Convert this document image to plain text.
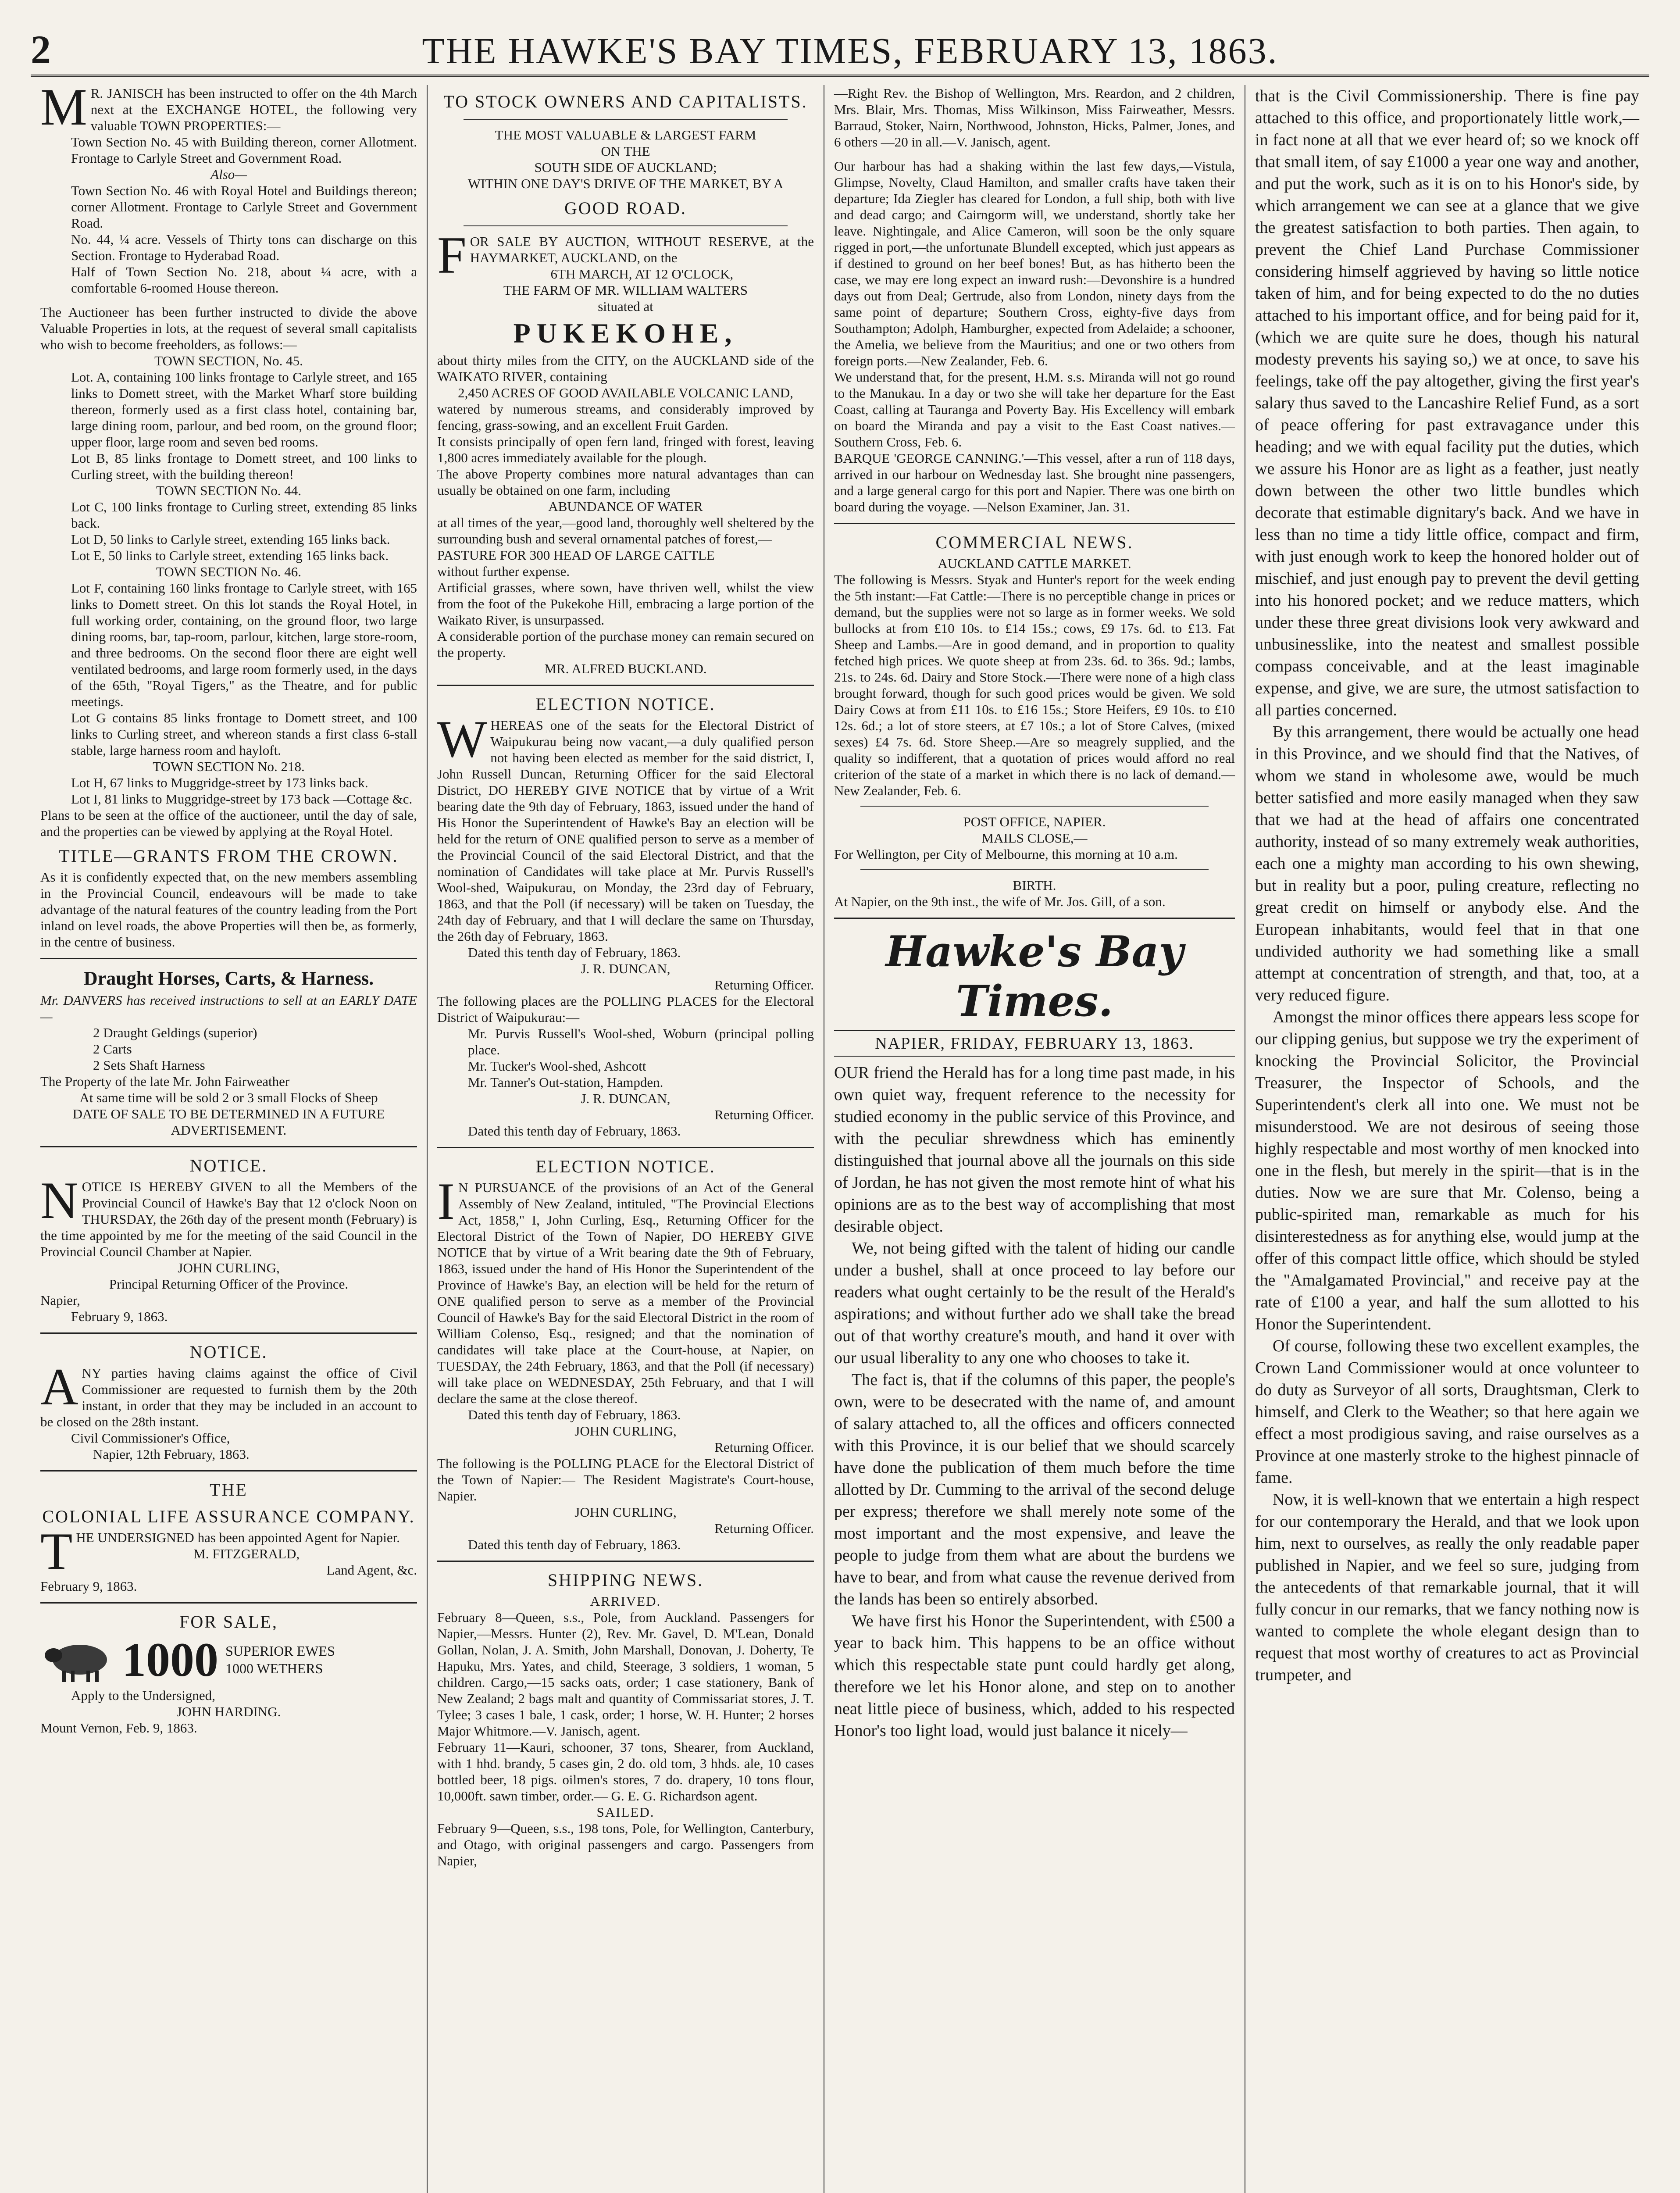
2	THE HAWKE'S BAY TIMES, FEBRUARY 13, 1863.

MR. JANISCH has been instructed to offer on the 4th March next at the EXCHANGE HOTEL, the following very valuable TOWN PROPERTIES:—

Town Section No. 45 with Building thereon, corner Allotment. Frontage to Carlyle Street and Government Road.

Also—

Town Section No. 46 with Royal Hotel and Buildings thereon; corner Allotment. Frontage to Carlyle Street and Government Road.

No. 44, ¼ acre. Vessels of Thirty tons can discharge on this Section. Frontage to Hyderabad Road.

Half of Town Section No. 218, about ¼ acre, with a comfortable 6-roomed House thereon.

The Auctioneer has been further instructed to divide the above Valuable Properties in lots, at the request of several small capitalists who wish to become freeholders, as follows:—

TOWN SECTION, No. 45.

Lot. A, containing 100 links frontage to Carlyle street, and 165 links to Domett street, with the Market Wharf store building thereon, formerly used as a first class hotel, containing bar, large dining room, parlour, and bed room, on the ground floor; upper floor, large room and seven bed rooms.

Lot B, 85 links frontage to Domett street, and 100 links to Curling street, with the building thereon!

TOWN SECTION No. 44.

Lot C, 100 links frontage to Curling street, extending 85 links back.

Lot D, 50 links to Carlyle street, extending 165 links back.

Lot E, 50 links to Carlyle street, extending 165 links back.

TOWN SECTION No. 46.

Lot F, containing 160 links frontage to Carlyle street, with 165 links to Domett street. On this lot stands the Royal Hotel, in full working order, containing, on the ground floor, two large dining rooms, bar, tap-room, parlour, kitchen, large store-room, and three bedrooms. On the second floor there are eight well ventilated bedrooms, and large room formerly used, in the days of the 65th, "Royal Tigers," as the Theatre, and for public meetings.

Lot G contains 85 links frontage to Domett street, and 100 links to Curling street, and whereon stands a first class 6-stall stable, large harness room and hayloft.

TOWN SECTION No. 218.

Lot H, 67 links to Muggridge-street by 173 links back.

Lot I, 81 links to Muggridge-street by 173 back —Cottage &c.

Plans to be seen at the office of the auctioneer, until the day of sale, and the properties can be viewed by applying at the Royal Hotel.

TITLE—GRANTS FROM THE CROWN.

As it is confidently expected that, on the new members assembling in the Provincial Council, endeavours will be made to take advantage of the natural features of the country leading from the Port inland on level roads, the above Properties will then be, as formerly, in the centre of business.

Draught Horses, Carts, & Harness.

Mr. DANVERS has received instructions to sell at an EARLY DATE—

2 Draught Geldings (superior)

2 Carts

2 Sets Shaft Harness

The Property of the late Mr. John Fairweather

At same time will be sold 2 or 3 small Flocks of Sheep

DATE OF SALE TO BE DETERMINED IN A FUTURE ADVERTISEMENT.

NOTICE.

NOTICE IS HEREBY GIVEN to all the Members of the Provincial Council of Hawke's Bay that 12 o'clock Noon on THURSDAY, the 26th day of the present month (February) is the time appointed by me for the meeting of the said Council in the Provincial Council Chamber at Napier.

JOHN CURLING,

Principal Returning Officer of the Province.

Napier,

February 9, 1863.

NOTICE.

ANY parties having claims against the office of Civil Commissioner are requested to furnish them by the 20th instant, in order that they may be included in an account to be closed on the 28th instant.

Civil Commissioner's Office,

Napier, 12th February, 1863.

THE
COLONIAL LIFE ASSURANCE COMPANY.

THE UNDERSIGNED has been appointed Agent for Napier.

M. FITZGERALD,

Land Agent, &c.

February 9, 1863.

FOR SALE,
1000 SUPERIOR EWES
1000 WETHERS

Apply to the Undersigned,

JOHN HARDING.

Mount Vernon, Feb. 9, 1863.

TO STOCK OWNERS AND CAPITALISTS.

THE MOST VALUABLE & LARGEST FARM

ON THE

SOUTH SIDE OF AUCKLAND;

WITHIN ONE DAY'S DRIVE OF THE MARKET, BY A

GOOD ROAD.

FOR SALE BY AUCTION, WITHOUT RESERVE, at the HAYMARKET, AUCKLAND, on the

6TH MARCH, AT 12 O'CLOCK,

THE FARM OF MR. WILLIAM WALTERS

situated at

PUKEKOHE,

about thirty miles from the CITY, on the AUCKLAND side of the WAIKATO RIVER, containing

2,450 ACRES OF GOOD AVAILABLE VOLCANIC LAND,

watered by numerous streams, and considerably improved by fencing, grass-sowing, and an excellent Fruit Garden.

It consists principally of open fern land, fringed with forest, leaving 1,800 acres immediately available for the plough.

The above Property combines more natural advantages than can usually be obtained on one farm, including

ABUNDANCE OF WATER

at all times of the year,—good land, thoroughly well sheltered by the surrounding bush and several ornamental patches of forest,—

PASTURE FOR 300 HEAD OF LARGE CATTLE

without further expense.

Artificial grasses, where sown, have thriven well, whilst the view from the foot of the Pukekohe Hill, embracing a large portion of the Waikato River, is unsurpassed.

A considerable portion of the purchase money can remain secured on the property.

MR. ALFRED BUCKLAND.

ELECTION NOTICE.

WHEREAS one of the seats for the Electoral District of Waipukurau being now vacant,—a duly qualified person not having been elected as member for the said district, I, John Russell Duncan, Returning Officer for the said Electoral District, DO HEREBY GIVE NOTICE that by virtue of a Writ bearing date the 9th day of February, 1863, issued under the hand of His Honor the Superintendent of Hawke's Bay an election will be held for the return of ONE qualified person to serve as a member of the Provincial Council of the said Electoral District, and that the nomination of Candidates will take place at Mr. Purvis Russell's Wool-shed, Waipukurau, on Monday, the 23rd day of February, 1863, and that the Poll (if necessary) will be taken on Tuesday, the 24th day of February, and that I will declare the same on Thursday, the 26th day of February, 1863.

Dated this tenth day of February, 1863.

J. R. DUNCAN,

Returning Officer.

The following places are the POLLING PLACES for the Electoral District of Waipukurau:—

Mr. Purvis Russell's Wool-shed, Woburn (principal polling place.

Mr. Tucker's Wool-shed, Ashcott

Mr. Tanner's Out-station, Hampden.

J. R. DUNCAN,

Returning Officer.

Dated this tenth day of February, 1863.

ELECTION NOTICE.

IN PURSUANCE of the provisions of an Act of the General Assembly of New Zealand, intituled, "The Provincial Elections Act, 1858," I, John Curling, Esq., Returning Officer for the Electoral District of the Town of Napier, DO HEREBY GIVE NOTICE that by virtue of a Writ bearing date the 9th of February, 1863, issued under the hand of His Honor the Superintendent of the Province of Hawke's Bay, an election will be held for the return of ONE qualified person to serve as a member of the Provincial Council of Hawke's Bay for the said Electoral District in the room of William Colenso, Esq., resigned; and that the nomination of candidates will take place at the Court-house, at Napier, on TUESDAY, the 24th February, 1863, and that the Poll (if necessary) will take place on WEDNESDAY, 25th February, and that I will declare the same at the close thereof.

Dated this tenth day of February, 1863.

JOHN CURLING,

Returning Officer.

The following is the POLLING PLACE for the Electoral District of the Town of Napier:— The Resident Magistrate's Court-house, Napier.

JOHN CURLING,

Returning Officer.

Dated this tenth day of February, 1863.

SHIPPING NEWS.

ARRIVED.

February 8—Queen, s.s., Pole, from Auckland. Passengers for Napier,—Messrs. Hunter (2), Rev. Mr. Gavel, D. M'Lean, Donald Gollan, Nolan, J. A. Smith, John Marshall, Donovan, J. Doherty, Te Hapuku, Mrs. Yates, and child, Steerage, 3 soldiers, 1 woman, 5 children. Cargo,—15 sacks oats, order; 1 case stationery, Bank of New Zealand; 2 bags malt and quantity of Commissariat stores, J. T. Tylee; 3 cases 1 bale, 1 cask, order; 1 horse, W. H. Hunter; 2 horses Major Whitmore.—V. Janisch, agent.

February 11—Kauri, schooner, 37 tons, Shearer, from Auckland, with 1 hhd. brandy, 5 cases gin, 2 do. old tom, 3 hhds. ale, 10 cases bottled beer, 18 pigs. oilmen's stores, 7 do. drapery, 10 tons flour, 10,000ft. sawn timber, order.— G. E. G. Richardson agent.

SAILED.

February 9—Queen, s.s., 198 tons, Pole, for Wellington, Canterbury, and Otago, with original passengers and cargo. Passengers from Napier,

—Right Rev. the Bishop of Wellington, Mrs. Reardon, and 2 children, Mrs. Blair, Mrs. Thomas, Miss Wilkinson, Miss Fairweather, Messrs. Barraud, Stoker, Nairn, Northwood, Johnston, Hicks, Palmer, Jones, and 6 others —20 in all.—V. Janisch, agent.

Our harbour has had a shaking within the last few days,—Vistula, Glimpse, Novelty, Claud Hamilton, and smaller crafts have taken their departure; Ida Ziegler has cleared for London, a full ship, both with live and dead cargo; and Cairngorm will, we understand, shortly take her leave. Nightingale, and Alice Cameron, will soon be the only square rigged in port,—the unfortunate Blundell excepted, which just appears as if destined to ground on her beef bones! But, as has hitherto been the case, we may ere long expect an inward rush:—Devonshire is a hundred days out from Deal; Gertrude, also from London, ninety days from the same point of departure; Southern Cross, eighty-five days from Southampton; Adolph, Hamburgher, expected from Adelaide; a schooner, the Amelia, we believe from the Mauritius; and one or two others from foreign ports.—New Zealander, Feb. 6.

We understand that, for the present, H.M. s.s. Miranda will not go round to the Manukau. In a day or two she will take her departure for the East Coast, calling at Tauranga and Poverty Bay. His Excellency will embark on board the Miranda and pay a visit to the East Coast natives.—Southern Cross, Feb. 6.

BARQUE 'GEORGE CANNING.'—This vessel, after a run of 118 days, arrived in our harbour on Wednesday last. She brought nine passengers, and a large general cargo for this port and Napier. There was one birth on board during the voyage. —Nelson Examiner, Jan. 31.

COMMERCIAL NEWS.

AUCKLAND CATTLE MARKET.

The following is Messrs. Styak and Hunter's report for the week ending the 5th instant:—Fat Cattle:—There is no perceptible change in prices or demand, but the supplies were not so large as in former weeks. We sold bullocks at from £10 10s. to £14 15s.; cows, £9 17s. 6d. to £13. Fat Sheep and Lambs.—Are in good demand, and in proportion to quality fetched high prices. We quote sheep at from 23s. 6d. to 36s. 9d.; lambs, 21s. to 24s. 6d. Dairy and Store Stock.—There were none of a high class brought forward, though for such good prices would be given. We sold Dairy Cows at from £11 10s. to £16 15s.; Store Heifers, £9 10s. to £10 12s. 6d.; a lot of store steers, at £7 10s.; a lot of Store Calves, (mixed sexes) £4 7s. 6d. Store Sheep.—Are so meagrely supplied, and the quality so indifferent, that a quotation of prices would afford no real criterion of the state of a market in which there is no lack of demand.—New Zealander, Feb. 6.

POST OFFICE, NAPIER.

MAILS CLOSE,—

For Wellington, per City of Melbourne, this morning at 10 a.m.

BIRTH.

At Napier, on the 9th inst., the wife of Mr. Jos. Gill, of a son.

Hawke's Bay Times.
NAPIER, FRIDAY, FEBRUARY 13, 1863.

OUR friend the Herald has for a long time past made, in his own quiet way, frequent reference to the necessity for studied economy in the public service of this Province, and with the peculiar shrewdness which has eminently distinguished that journal above all the journals on this side of Jordan, he has not given the most remote hint of what his opinions are as to the best way of accomplishing that most desirable object.

We, not being gifted with the talent of hiding our candle under a bushel, shall at once proceed to lay before our readers what ought certainly to be the result of the Herald's aspirations; and without further ado we shall take the bread out of that worthy creature's mouth, and hand it over with our usual liberality to any one who chooses to take it.

The fact is, that if the columns of this paper, the people's own, were to be desecrated with the name of, and amount of salary attached to, all the offices and officers connected with this Province, it is our belief that we should scarcely have done the publication of them much before the time allotted by Dr. Cumming to the arrival of the second deluge per express; therefore we shall merely note some of the most important and the most expensive, and leave the people to judge from them what are about the burdens we have to bear, and from what cause the revenue derived from the lands has been so entirely absorbed.

We have first his Honor the Superintendent, with £500 a year to back him. This happens to be an office without which this respectable state punt could hardly get along, therefore we let his Honor alone, and step on to another neat little piece of business, which, added to his respected Honor's too light load, would just balance it nicely—

that is the Civil Commissionership. There is fine pay attached to this office, and proportionately little work,—in fact none at all that we ever heard of; so we knock off that small item, of say £1000 a year one way and another, and put the work, such as it is on to his Honor's side, by which arrangement we can see at a glance that we give the greatest satisfaction to both parties. Then again, to prevent the Chief Land Purchase Commissioner considering himself aggrieved by having so little notice taken of him, and for being expected to do the no duties attached to his important office, and for being paid for it, (which we are quite sure he does, though his natural modesty prevents his saying so,) we at once, to save his feelings, take off the pay altogether, giving the first year's salary thus saved to the Lancashire Relief Fund, as a sort of peace offering for past extravagance under this heading; and we with equal facility put the duties, which we assure his Honor are as light as a feather, just neatly down between the other two little bundles which decorate that estimable dignitary's back. And we have in less than no time a tidy little office, compact and firm, with just enough work to keep the honored holder out of mischief, and just enough pay to prevent the devil getting into his honored pocket; and we reduce matters, which under these three great divisions look very awkward and unbusinesslike, into the neatest and smallest possible compass conceivable, and at the least imaginable expense, and give, we are sure, the utmost satisfaction to all parties concerned.

By this arrangement, there would be actually one head in this Province, and we should find that the Natives, of whom we stand in wholesome awe, would be much better satisfied and more easily managed when they saw that we had at the head of affairs one concentrated authority, instead of so many extremely weak authorities, each one a mighty man according to his own shewing, but in reality but a poor, puling creature, reflecting no great credit on himself or anybody else. And the European inhabitants, would feel that in that one undivided authority we had something like a small attempt at concentration of strength, and that, too, at a very reduced figure.

Amongst the minor offices there appears less scope for our clipping genius, but suppose we try the experiment of knocking the Provincial Solicitor, the Provincial Treasurer, the Inspector of Schools, and the Superintendent's clerk all into one. We must not be misunderstood. We are not desirous of seeing those highly respectable and most worthy of men knocked into one in the flesh, but merely in the spirit—that is in the duties. Now we are sure that Mr. Colenso, being a public-spirited man, remarkable as much for his disinterestedness as for anything else, would jump at the offer of this compact little office, which should be styled the "Amalgamated Provincial," and receive pay at the rate of £100 a year, and half the sum allotted to his Honor the Superintendent.

Of course, following these two excellent examples, the Crown Land Commissioner would at once volunteer to do duty as Surveyor of all sorts, Draughtsman, Clerk to himself, and Clerk to the Weather; so that here again we effect a most prodigious saving, and raise ourselves as a Province at one masterly stroke to the highest pinnacle of fame.

Now, it is well-known that we entertain a high respect for our contemporary the Herald, and that we look upon him, next to ourselves, as really the only readable paper published in Napier, and we feel so sure, judging from the antecedents of that remarkable journal, that it will fully concur in our remarks, that we fancy nothing now is wanted to complete the whole elegant design than to request that most worthy of creatures to act as Provincial trumpeter, and
